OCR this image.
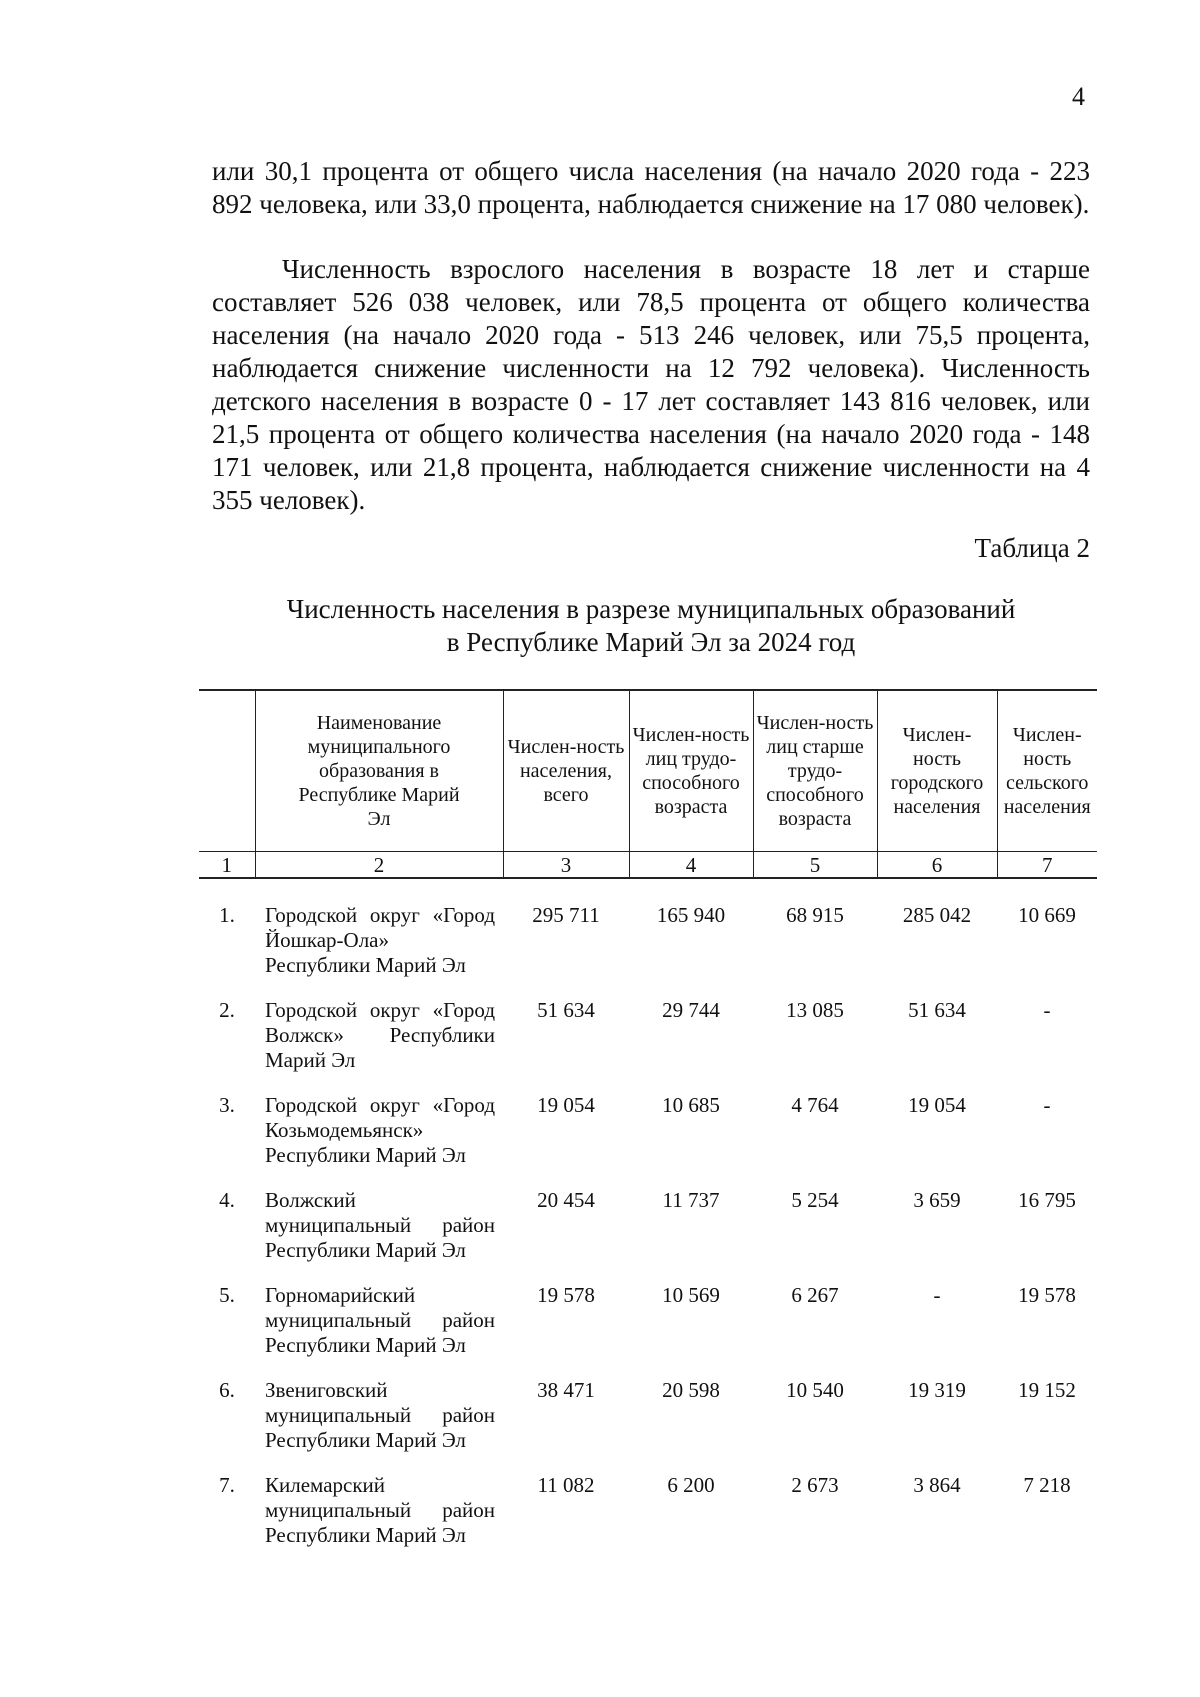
4

или 30,1 процента от общего числа населения (на начало 2020 года - 223 892 человека, или 33,0 процента, наблюдается снижение на 17 080 человек).

Численность взрослого населения в возрасте 18 лет и старше составляет 526 038 человек, или 78,5 процента от общего количества населения (на начало 2020 года - 513 246 человек, или 75,5 процента, наблюдается снижение численности на 12 792 человека). Численность детского населения в возрасте 0 - 17 лет составляет 143 816 человек, или 21,5 процента от общего количества населения (на начало 2020 года - 148 171 человек, или 21,8 процента, наблюдается снижение численности на 4 355 человек).

Таблица 2
Численность населения в разрезе муниципальных образований
в Республике Марий Эл за 2024 год
	Наименование муниципального образования в Республике Марий Эл	Числен-ность населения, всего	Числен-ность лиц трудо-способного возраста	Числен-ность лиц старше трудо-способного возраста	Числен-ность городского населения	Числен-ность сельского населения
1	2	3	4	5	6	7
1.	Городской округ «Город Йошкар-Ола» Республики Марий Эл	295 711	165 940	68 915	285 042	10 669
2.	Городской округ «Город Волжск» Республики Марий Эл	51 634	29 744	13 085	51 634	-
3.	Городской округ «Город Козьмодемьянск» Республики Марий Эл	19 054	10 685	4 764	19 054	-
4.	Волжский муниципальный район Республики Марий Эл	20 454	11 737	5 254	3 659	16 795
5.	Горномарийский муниципальный район Республики Марий Эл	19 578	10 569	6 267	-	19 578
6.	Звениговский муниципальный район Республики Марий Эл	38 471	20 598	10 540	19 319	19 152
7.	Килемарский муниципальный район Республики Марий Эл	11 082	6 200	2 673	3 864	7 218
